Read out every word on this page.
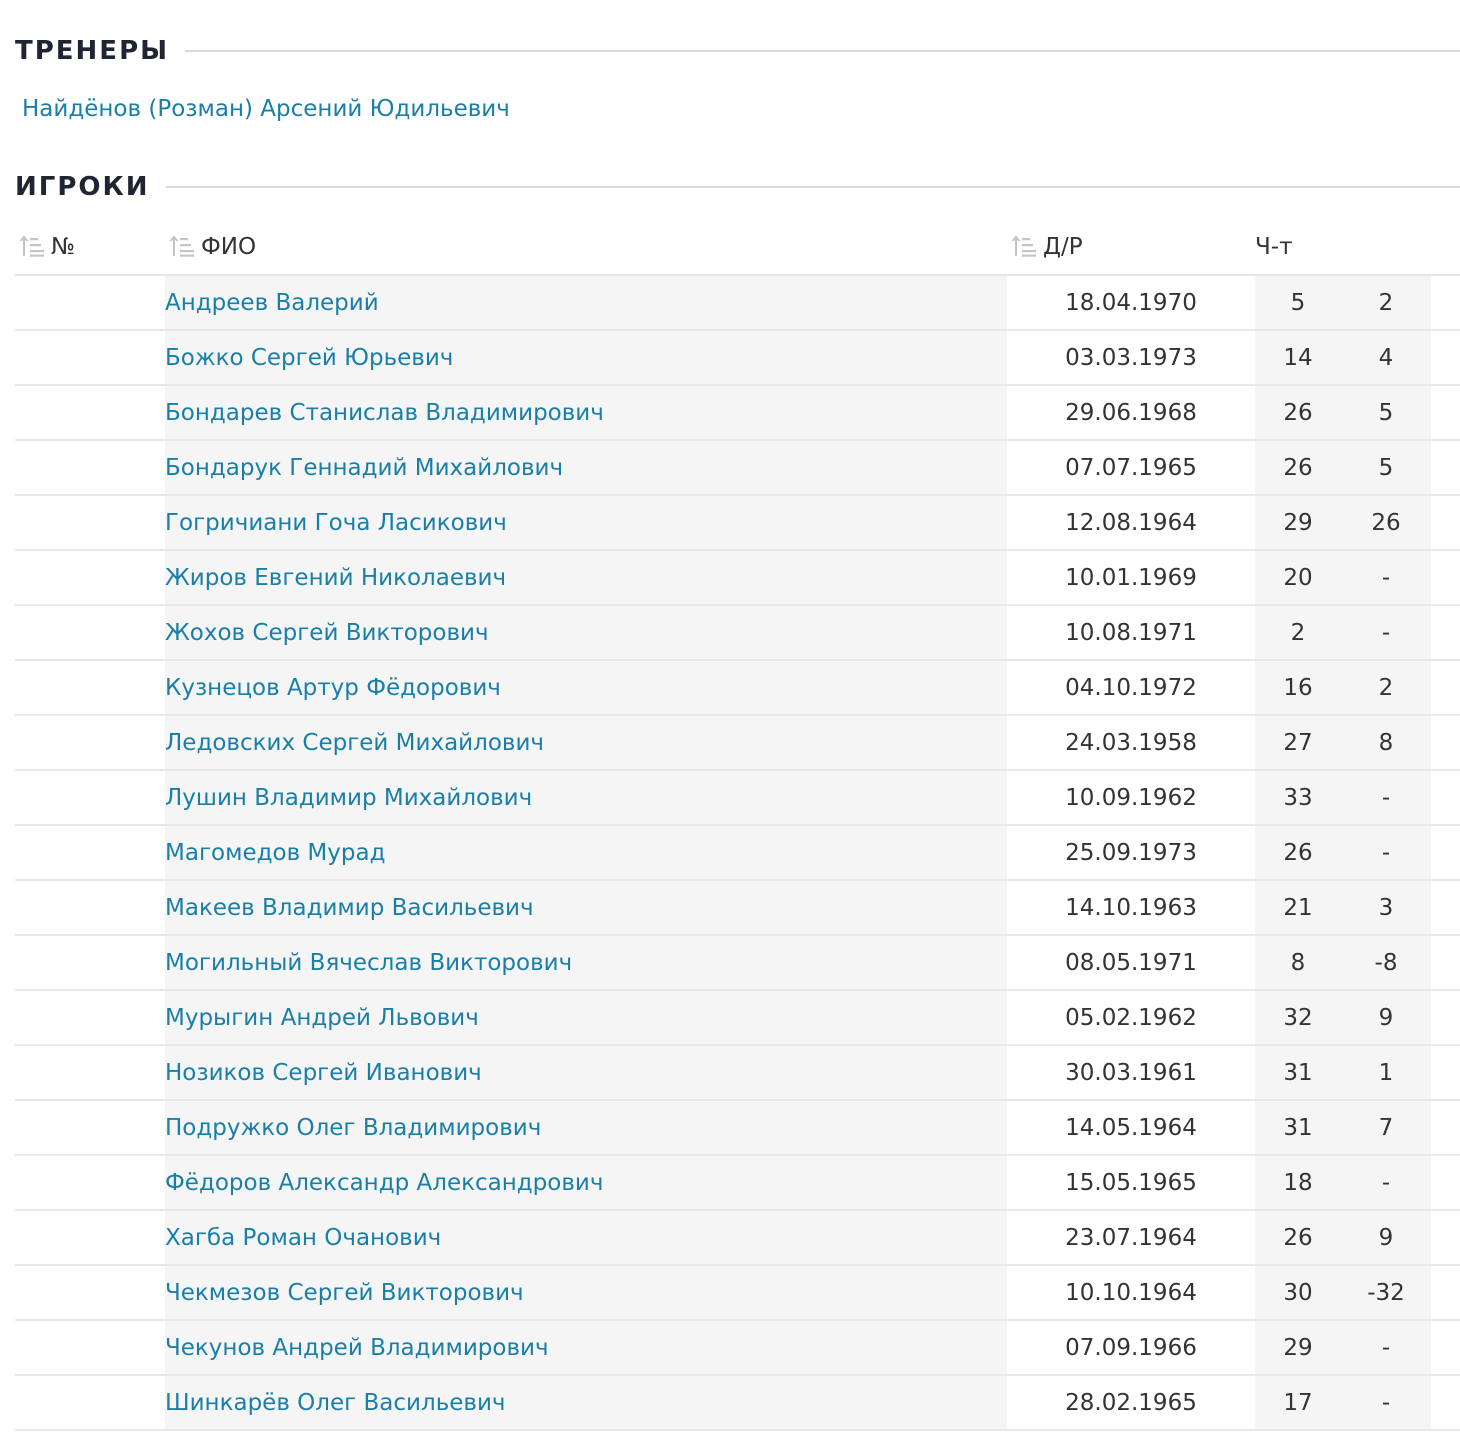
ТРЕНЕРЫ
Найдёнов (Розман) Арсений Юдильевич
ИГРОКИ
№	ФИО	Д/Р	Ч-т		
	Андреев Валерий	18.04.1970	5	2	
	Божко Сергей Юрьевич	03.03.1973	14	4	
	Бондарев Станислав Владимирович	29.06.1968	26	5	
	Бондарук Геннадий Михайлович	07.07.1965	26	5	
	Гогричиани Гоча Ласикович	12.08.1964	29	26	
	Жиров Евгений Николаевич	10.01.1969	20	-	
	Жохов Сергей Викторович	10.08.1971	2	-	
	Кузнецов Артур Фёдорович	04.10.1972	16	2	
	Ледовских Сергей Михайлович	24.03.1958	27	8	
	Лушин Владимир Михайлович	10.09.1962	33	-	
	Магомедов Мурад	25.09.1973	26	-	
	Макеев Владимир Васильевич	14.10.1963	21	3	
	Могильный Вячеслав Викторович	08.05.1971	8	-8	
	Мурыгин Андрей Львович	05.02.1962	32	9	
	Нозиков Сергей Иванович	30.03.1961	31	1	
	Подружко Олег Владимирович	14.05.1964	31	7	
	Фёдоров Александр Александрович	15.05.1965	18	-	
	Хагба Роман Очанович	23.07.1964	26	9	
	Чекмезов Сергей Викторович	10.10.1964	30	-32	
	Чекунов Андрей Владимирович	07.09.1966	29	-	
	Шинкарёв Олег Васильевич	28.02.1965	17	-	
